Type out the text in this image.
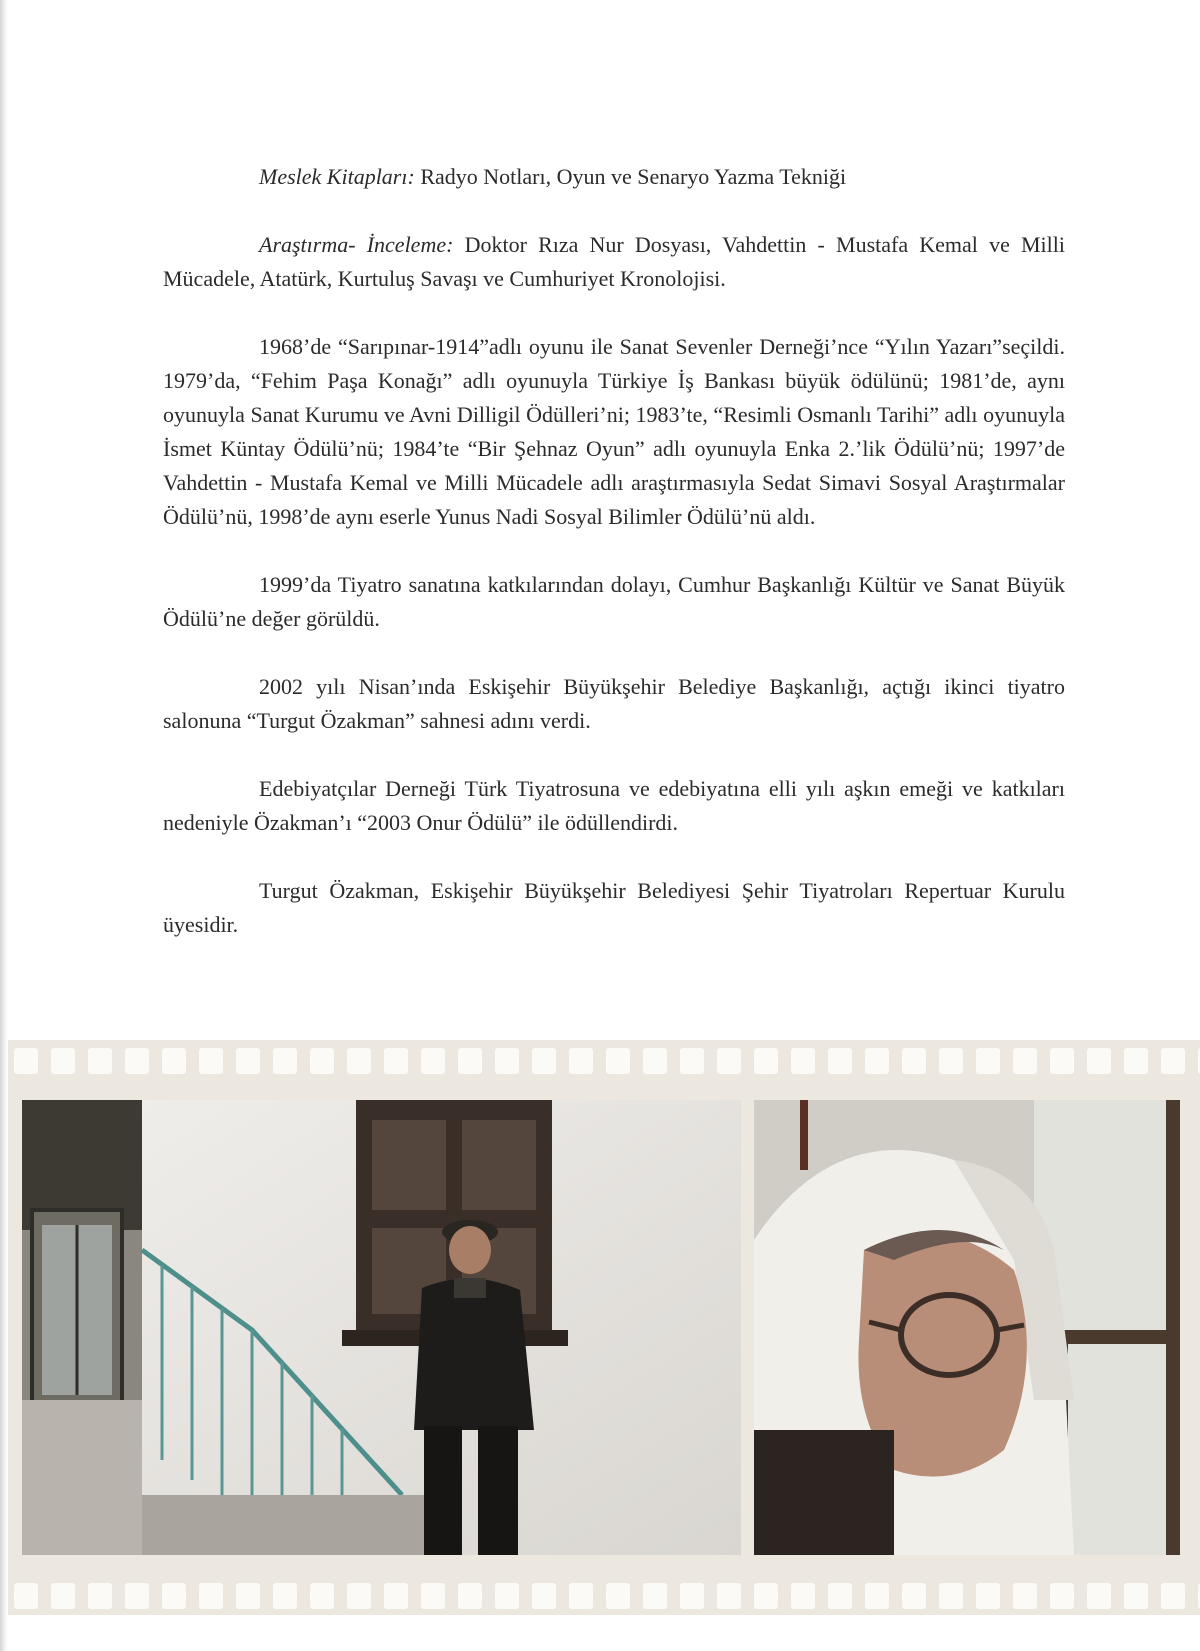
Meslek Kitapları: Radyo Notları, Oyun ve Senaryo Yazma Tekniği

Araştırma- İnceleme: Doktor Rıza Nur Dosyası, Vahdettin - Mustafa Kemal ve Milli Mücadele, Atatürk, Kurtuluş Savaşı ve Cumhuriyet Kronolojisi.

1968’de “Sarıpınar-1914”adlı oyunu ile Sanat Sevenler Derneği’nce “Yılın Yazarı”seçildi. 1979’da, “Fehim Paşa Konağı” adlı oyunuyla Türkiye İş Bankası büyük ödülünü; 1981’de, aynı oyunuyla Sanat Kurumu ve Avni Dilligil Ödülleri’ni; 1983’te, “Resimli Osmanlı Tarihi” adlı oyunuyla İsmet Küntay Ödülü’nü; 1984’te “Bir Şehnaz Oyun” adlı oyunuyla Enka 2.’lik Ödülü’nü; 1997’de Vahdettin - Mustafa Kemal ve Milli Mücadele adlı araştırmasıyla Sedat Simavi Sosyal Araştırmalar Ödülü’nü, 1998’de aynı eserle Yunus Nadi Sosyal Bilimler Ödülü’nü aldı.

1999’da Tiyatro sanatına katkılarından dolayı, Cumhur Başkanlığı Kültür ve Sanat Büyük Ödülü’ne değer görüldü.

2002 yılı Nisan’ında Eskişehir Büyükşehir Belediye Başkanlığı, açtığı ikinci tiyatro salonuna “Turgut Özakman” sahnesi adını verdi.

Edebiyatçılar Derneği Türk Tiyatrosuna ve edebiyatına elli yılı aşkın emeği ve katkıları nedeniyle Özakman’ı “2003 Onur Ödülü” ile ödüllendirdi.

Turgut Özakman, Eskişehir Büyükşehir Belediyesi Şehir Tiyatroları Repertuar Kurulu üyesidir.
